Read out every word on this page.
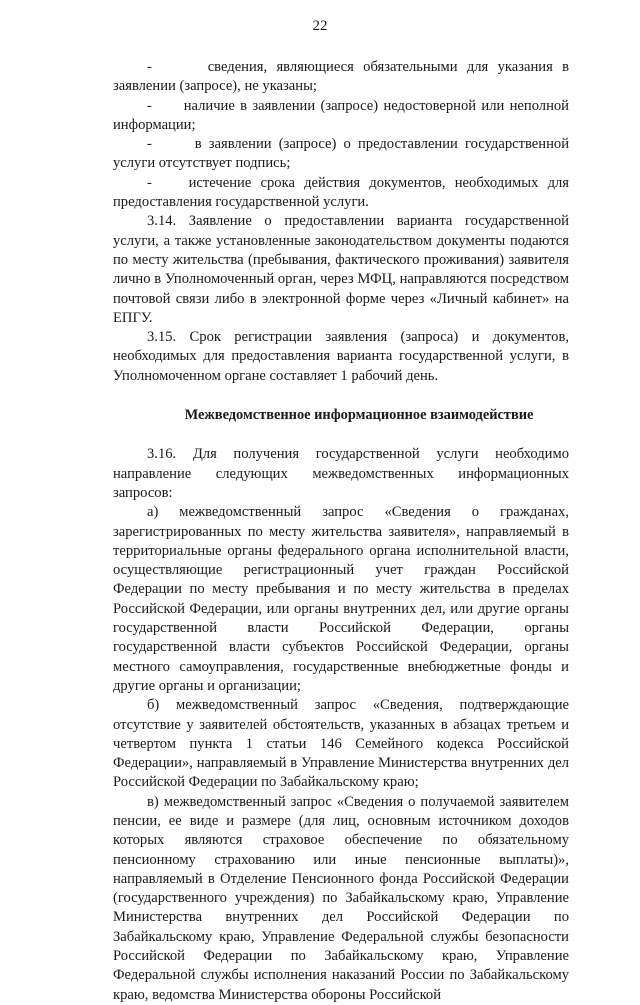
22

-      сведения, являющиеся обязательными для указания в заявлении (запросе), не указаны;

-      наличие в заявлении (запросе) недостоверной или неполной информации;

-      в заявлении (запросе) о предоставлении государственной услуги отсутствует подпись;

-    истечение срока действия документов, необходимых для предоставления государственной услуги.

3.14. Заявление о предоставлении варианта государственной услуги, а также установленные законодательством документы подаются по месту жительства (пребывания, фактического проживания) заявителя лично в Уполномоченный орган, через МФЦ, направляются посредством почтовой связи либо в электронной форме через «Личный кабинет» на ЕПГУ.

3.15. Срок регистрации заявления (запроса) и документов, необходимых для предоставления варианта государственной услуги, в Уполномоченном органе составляет 1 рабочий день.

Межведомственное информационное взаимодействие

3.16. Для получения государственной услуги необходимо направление следующих межведомственных информационных запросов:

а) межведомственный запрос «Сведения о гражданах, зарегистрированных по месту жительства заявителя», направляемый в территориальные органы федерального органа исполнительной власти, осуществляющие регистрационный учет граждан Российской Федерации по месту пребывания и по месту жительства в пределах Российской Федерации, или органы внутренних дел, или другие органы государственной власти Российской Федерации, органы государственной власти субъектов Российской Федерации, органы местного самоуправления, государственные внебюджетные фонды и другие органы и организации;

б) межведомственный запрос «Сведения, подтверждающие отсутствие у заявителей обстоятельств, указанных в абзацах третьем и четвертом пункта 1 статьи 146 Семейного кодекса Российской Федерации», направляемый в Управление Министерства внутренних дел Российской Федерации по Забайкальскому краю;

в) межведомственный запрос «Сведения о получаемой заявителем пенсии, ее виде и размере (для лиц, основным источником доходов которых являются страховое обеспечение по обязательному пенсионному страхованию или иные пенсионные выплаты)», направляемый в Отделение Пенсионного фонда Российской Федерации (государственного учреждения) по Забайкальскому краю, Управление Министерства внутренних дел Российской Федерации по Забайкальскому краю, Управление Федеральной службы безопасности Российской Федерации по Забайкальскому краю, Управление Федеральной службы исполнения наказаний России по Забайкальскому краю, ведомства Министерства обороны Российской
